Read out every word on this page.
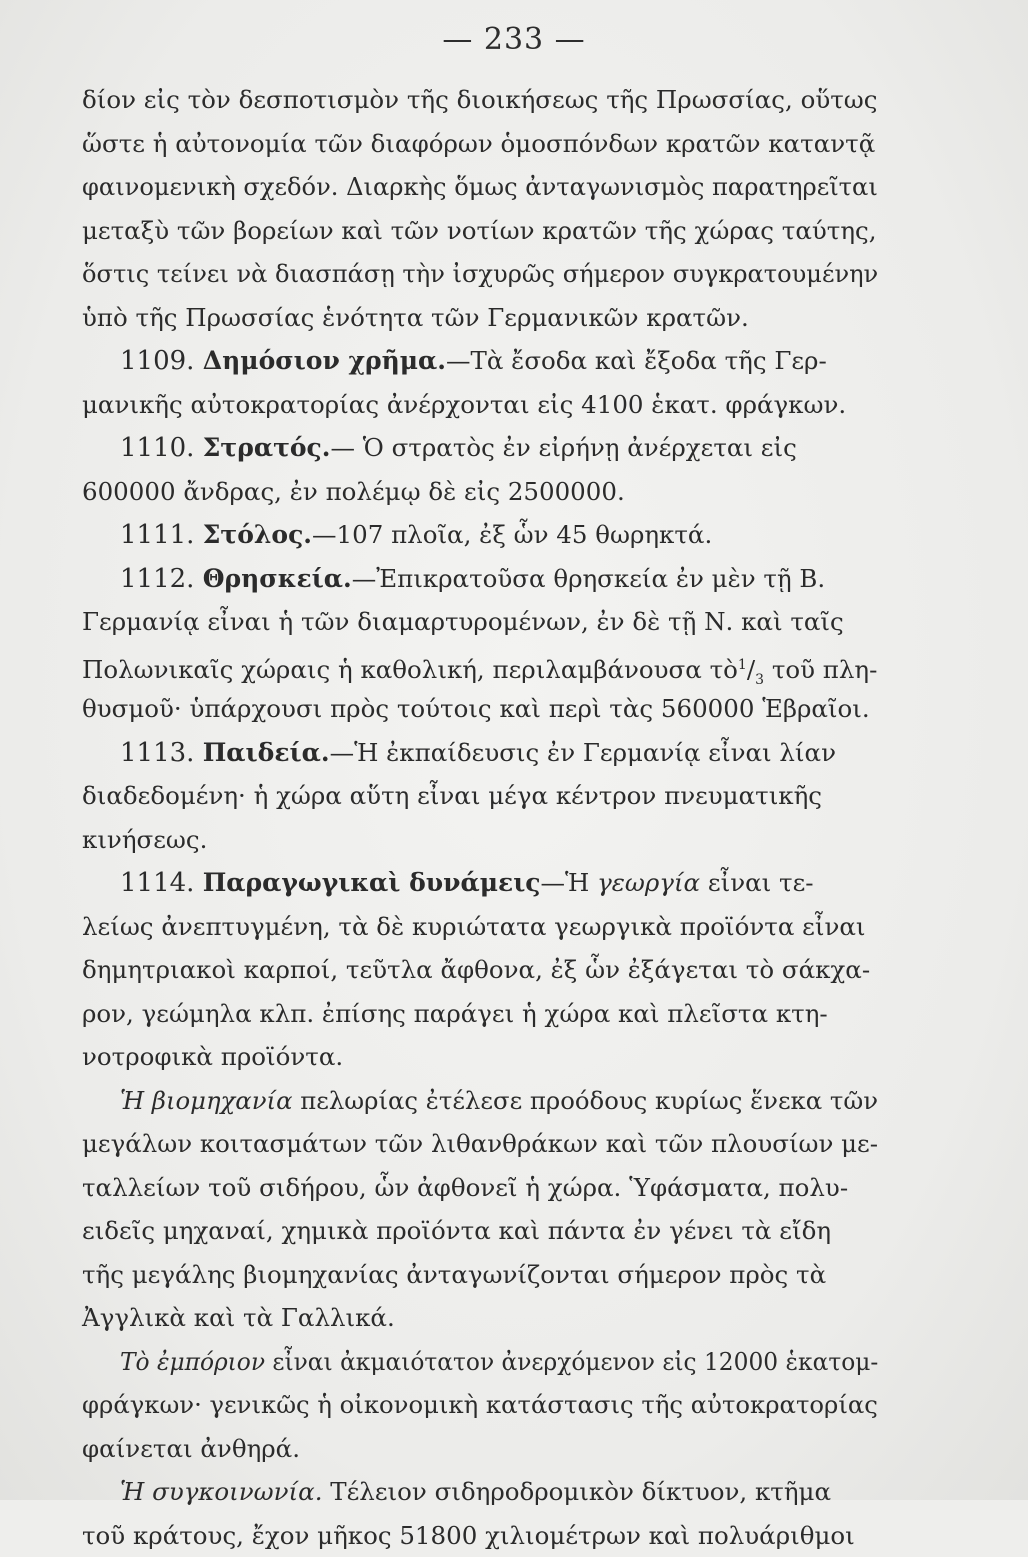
— 233 —
δίον εἰς τὸν δεσποτισμὸν τῆς διοικήσεως τῆς Πρωσσίας, οὕτως
ὥστε ἡ αὐτονομία τῶν διαφόρων ὁμοσπόνδων κρατῶν καταντᾷ
φαινομενικὴ σχεδόν. Διαρκὴς ὅμως ἀνταγωνισμὸς παρατηρεῖται
μεταξὺ τῶν βορείων καὶ τῶν νοτίων κρατῶν τῆς χώρας ταύτης,
ὅστις τείνει νὰ διασπάσῃ τὴν ἰσχυρῶς σήμερον συγκρατουμένην
ὑπὸ τῆς Πρωσσίας ἑνότητα τῶν Γερμανικῶν κρατῶν.
1109. Δημόσιον χρῆμα.—Τὰ ἔσοδα καὶ ἔξοδα τῆς Γερ-
μανικῆς αὐτοκρατορίας ἀνέρχονται εἰς 4100 ἑκατ. φράγκων.
1110. Στρατός.— Ὁ στρατὸς ἐν εἰρήνῃ ἀνέρχεται εἰς
600000 ἄνδρας, ἐν πολέμῳ δὲ εἰς 2500000.
1111. Στόλος.—107 πλοῖα, ἐξ ὧν 45 θωρηκτά.
1112. Θρησκεία.—Ἐπικρατοῦσα θρησκεία ἐν μὲν τῇ Β.
Γερμανίᾳ εἶναι ἡ τῶν διαμαρτυρομένων, ἐν δὲ τῇ Ν. καὶ ταῖς
Πολωνικαῖς χώραις ἡ καθολική, περιλαμβάνουσα $\tau ὸ^1/_3$ τοῦ πλη-
θυσμοῦ· ὑπάρχουσι πρὸς τούτοις καὶ περὶ τὰς 560000 Ἑβραῖοι.
1113. Παιδεία.—Ἡ ἐκπαίδευσις ἐν Γερμανίᾳ εἶναι λίαν
διαδεδομένη· ἡ χώρα αὕτη εἶναι μέγα κέντρον πνευματικῆς
κινήσεως.
1114. Παραγωγικαὶ δυνάμεις—Ἡ γεωργία εἶναι τε-
λείως ἀνεπτυγμένη, τὰ δὲ κυριώτατα γεωργικὰ προϊόντα εἶναι
δημητριακοὶ καρποί, τεῦτλα ἄφθονα, ἐξ ὧν ἐξάγεται τὸ σάκχα-
ρον, γεώμηλα κλπ. ἐπίσης παράγει ἡ χώρα καὶ πλεῖστα κτη-
νοτροφικὰ προϊόντα.
Ἡ βιομηχανία πελωρίας ἐτέλεσε προόδους κυρίως ἕνεκα τῶν
μεγάλων κοιτασμάτων τῶν λιθανθράκων καὶ τῶν πλουσίων με-
ταλλείων τοῦ σιδήρου, ὧν ἀφθονεῖ ἡ χώρα. Ὑφάσματα, πολυ-
ειδεῖς μηχαναί, χημικὰ προϊόντα καὶ πάντα ἐν γένει τὰ εἴδη
τῆς μεγάλης βιομηχανίας ἀνταγωνίζονται σήμερον πρὸς τὰ
Ἀγγλικὰ καὶ τὰ Γαλλικά.
Τὸ ἐμπόριον εἶναι ἀκμαιότατον ἀνερχόμενον εἰς 12000 ἑκατομ-
φράγκων· γενικῶς ἡ οἰκονομικὴ κατάστασις τῆς αὐτοκρατορίας
φαίνεται ἀνθηρά.
Ἡ συγκοινωνία. Τέλειον σιδηροδρομικὸν δίκτυον, κτῆμα
τοῦ κράτους, ἔχον μῆκος 51800 χιλιομέτρων καὶ πολυάριθμοι
